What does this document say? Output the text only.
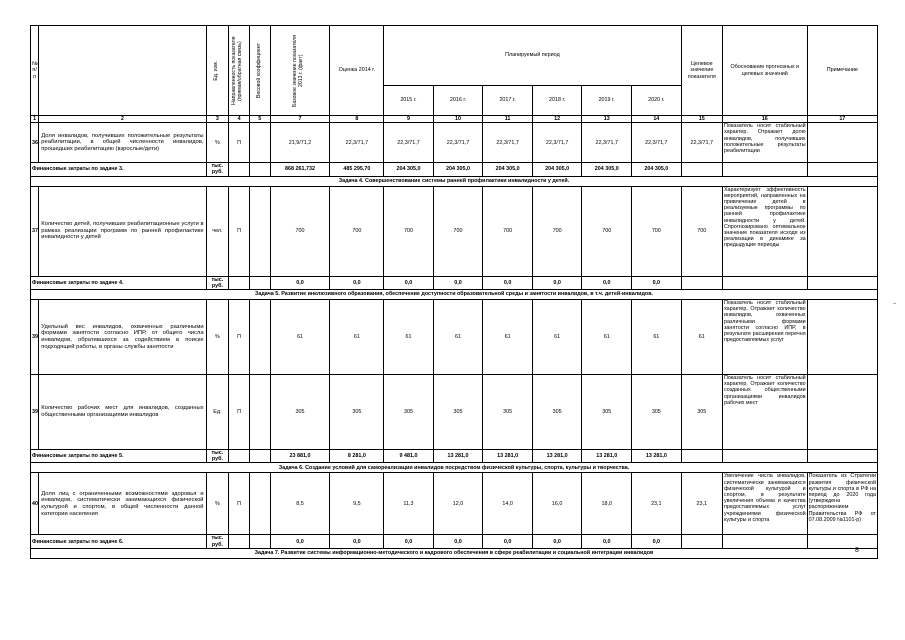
№
п/п		Ед. изм.	Направленность показателя (прямая/обратная связь)	Весовой коэффициент	Базовое значение показателя 2013 г. (факт)	Оценка 2014 г.	Планируемый период						Целевое значение показателя	Обоснование прогнозных и целевых значений	Примечание
							2015 г.	2016 г.	2017 г.	2018 г.	2019 г.	2020 г.			
1	2	3	4	5	7	8	9	10	11	12	13	14	15	16	17
36	Доля инвалидов, получивших положительные результаты реабилитации, в общей численности инвалидов, прошедших реабилитацию (взрослые/дети)	%	П		21,9/71,2	22,3/71,7	22,3/71,7	22,3/71,7	22,3/71,7	22,3/71,7	22,3/71,7	22,3/71,7	22,3/71,7	Показатель носит стабильный характер. Отражает долю инвалидов, получивших положительные результаты реабилитации	
Финансовые затраты по задаче 3.		тыс. руб.			868 261,732	485 295,70	204 305,0	204 305,0	204 305,0	204 305,0	204 305,0	204 305,0			
Задача 4. Совершенствование системы ранней профилактики инвалидности у детей.															
37	Количество детей, получивших реабилитационные услуги в рамках реализации программ по ранней профилактике инвалидности у детей	чел.	П		700	700	700	700	700	700	700	700	700	Характеризует эффективность мероприятий, направленных на привлечение детей в реализуемые программы по ранней профилактике инвалидности у детей. Спрогнозировано оптимальное значение показателя исходя из реализации в динамике за предыдущие периоды	
Финансовые затраты по задаче 4.		тыс. руб.			0,0	0,0	0,0	0,0	0,0	0,0	0,0	0,0			
Задача 5. Развитие инклюзивного образования, обеспечение доступности образовательной среды и занятости инвалидов, в т.ч. детей-инвалидов.															
39	Удельный вес инвалидов, охваченных различными формами занятости согласно ИПР, от общего числа инвалидов, обратившихся за содействием в поиске подходящей работы, в органы службы занятости	%	П		61	61	61	61	61	61	61	61	61	Показатель носит стабильный характер. Отражает количество инвалидов, охваченных различными формами занятости согласно ИПР, в результате расширения перечня предоставляемых услуг	
39	Количество рабочих мест для инвалидов, созданных общественными организациями инвалидов	Ед.	П		305	305	305	305	305	305	305	305	305	Показатель носит стабильный характер. Отражает количество созданных общественными организациями инвалидов рабочих мест	
Финансовые затраты по задаче 5.		тыс. руб.			23 881,0	8 281,0	9 481,0	13 281,0	13 281,0	13 281,0	13 281,0	13 281,0			
Задача 6. Создание условий для самореализации инвалидов посредством физической культуры, спорта, культуры и творчества.															
40	Доля лиц с ограниченными возможностями здоровья и инвалидов, систематически занимающихся физической культурой и спортом, в общей численности данной категории населения	%	П		8,5	9,5	11,3	12,0	14,0	16,0	18,0	23,1	23,1	Увеличение числа инвалидов, систематически занимающихся физической культурой и спортом, в результате увеличения объема и качества предоставляемых услуг учреждениями физической культуры и спорта	Показатель из Стратегии развития физической культуры и спорта в РФ на период до 2020 года (утверждена распоряжением Правительства РФ от 07.08.2009 №1101-р)
Финансовые затраты по задаче 6.		тыс. руб.			0,0	0,0	0,0	0,0	0,0	0,0	0,0	0,0			
Задача 7. Развитие системы информационно-методического и кадрового обеспечения в сфере реабилитации и социальной интеграции инвалидов																8
